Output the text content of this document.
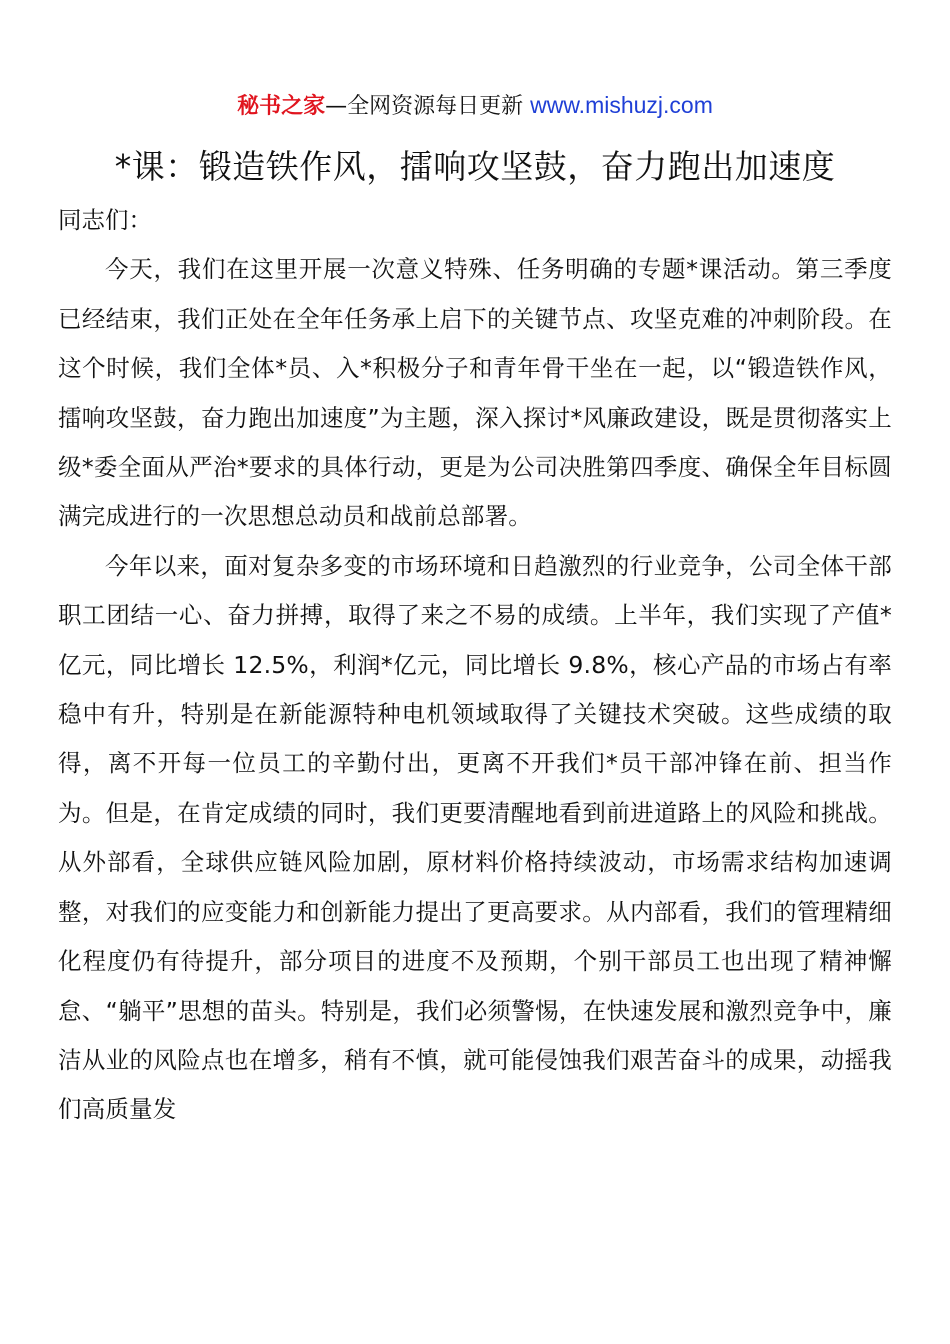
秘书之家—全网资源每日更新 www.mishuzj.com
*课：锻造铁作风，擂响攻坚鼓，奋力跑出加速度

同志们：

今天，我们在这里开展一次意义特殊、任务明确的专题*课活动。第三季度已经结束，我们正处在全年任务承上启下的关键节点、攻坚克难的冲刺阶段。在这个时候，我们全体*员、入*积极分子和青年骨干坐在一起，以“锻造铁作风，擂响攻坚鼓，奋力跑出加速度”为主题，深入探讨*风廉政建设，既是贯彻落实上级*委全面从严治*要求的具体行动，更是为公司决胜第四季度、确保全年目标圆满完成进行的一次思想总动员和战前总部署。

今年以来，面对复杂多变的市场环境和日趋激烈的行业竞争，公司全体干部职工团结一心、奋力拼搏，取得了来之不易的成绩。上半年，我们实现了产值*亿元，同比增长 12.5%，利润*亿元，同比增长 9.8%，核心产品的市场占有率稳中有升，特别是在新能源特种电机领域取得了关键技术突破。这些成绩的取得，离不开每一位员工的辛勤付出，更离不开我们*员干部冲锋在前、担当作为。但是，在肯定成绩的同时，我们更要清醒地看到前进道路上的风险和挑战。从外部看，全球供应链风险加剧，原材料价格持续波动，市场需求结构加速调整，对我们的应变能力和创新能力提出了更高要求。从内部看，我们的管理精细化程度仍有待提升，部分项目的进度不及预期，个别干部员工也出现了精神懈怠、“躺平”思想的苗头。特别是，我们必须警惕，在快速发展和激烈竞争中，廉洁从业的风险点也在增多，稍有不慎，就可能侵蚀我们艰苦奋斗的成果，动摇我们高质量发
